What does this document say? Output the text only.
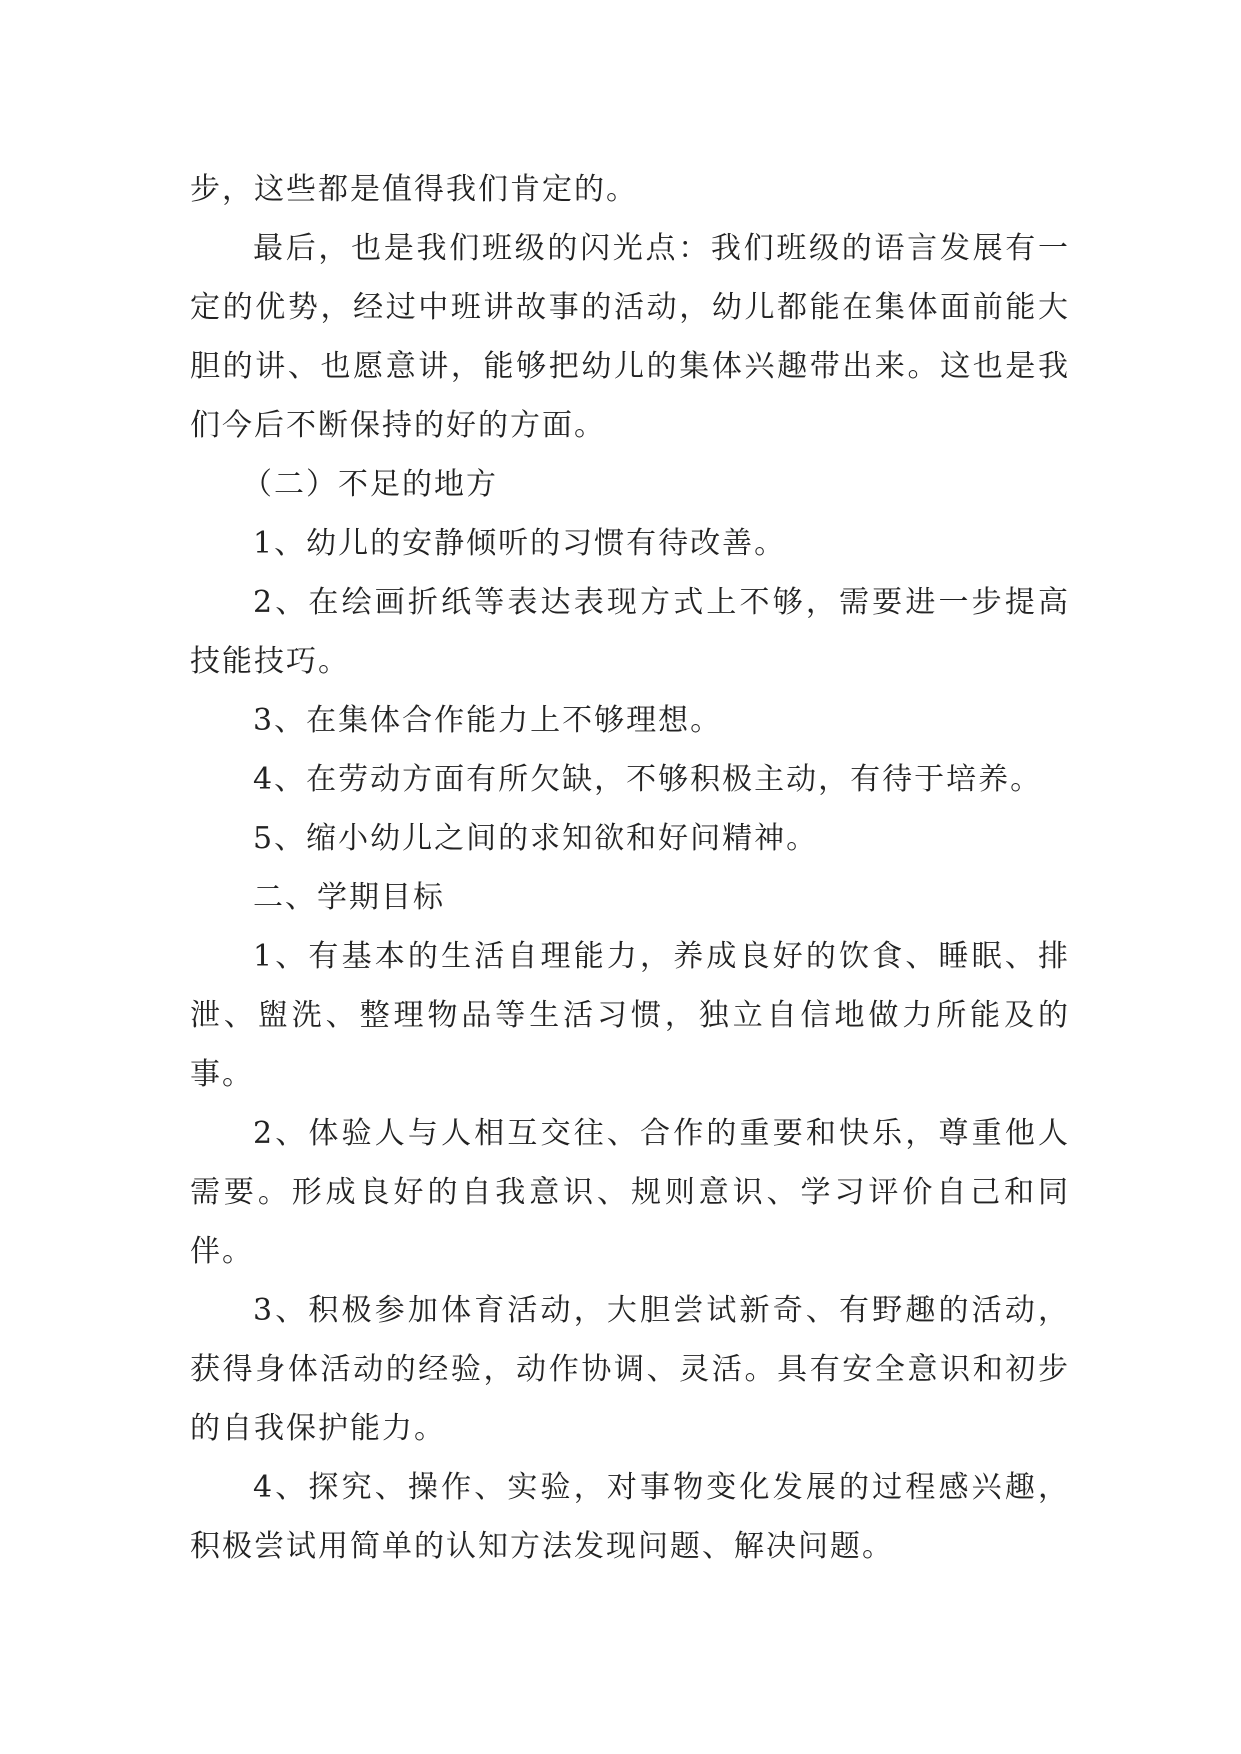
步，这些都是值得我们肯定的。

最后，也是我们班级的闪光点：我们班级的语言发展有一定的优势，经过中班讲故事的活动，幼儿都能在集体面前能大胆的讲、也愿意讲，能够把幼儿的集体兴趣带出来。这也是我们今后不断保持的好的方面。

（二）不足的地方

1、幼儿的安静倾听的习惯有待改善。

2、在绘画折纸等表达表现方式上不够，需要进一步提高技能技巧。

3、在集体合作能力上不够理想。

4、在劳动方面有所欠缺，不够积极主动，有待于培养。

5、缩小幼儿之间的求知欲和好问精神。

二、学期目标

1、有基本的生活自理能力，养成良好的饮食、睡眠、排泄、盥洗、整理物品等生活习惯，独立自信地做力所能及的事。

2、体验人与人相互交往、合作的重要和快乐，尊重他人需要。形成良好的自我意识、规则意识、学习评价自己和同伴。

3、积极参加体育活动，大胆尝试新奇、有野趣的活动，获得身体活动的经验，动作协调、灵活。具有安全意识和初步的自我保护能力。

4、探究、操作、实验，对事物变化发展的过程感兴趣，积极尝试用简单的认知方法发现问题、解决问题。
